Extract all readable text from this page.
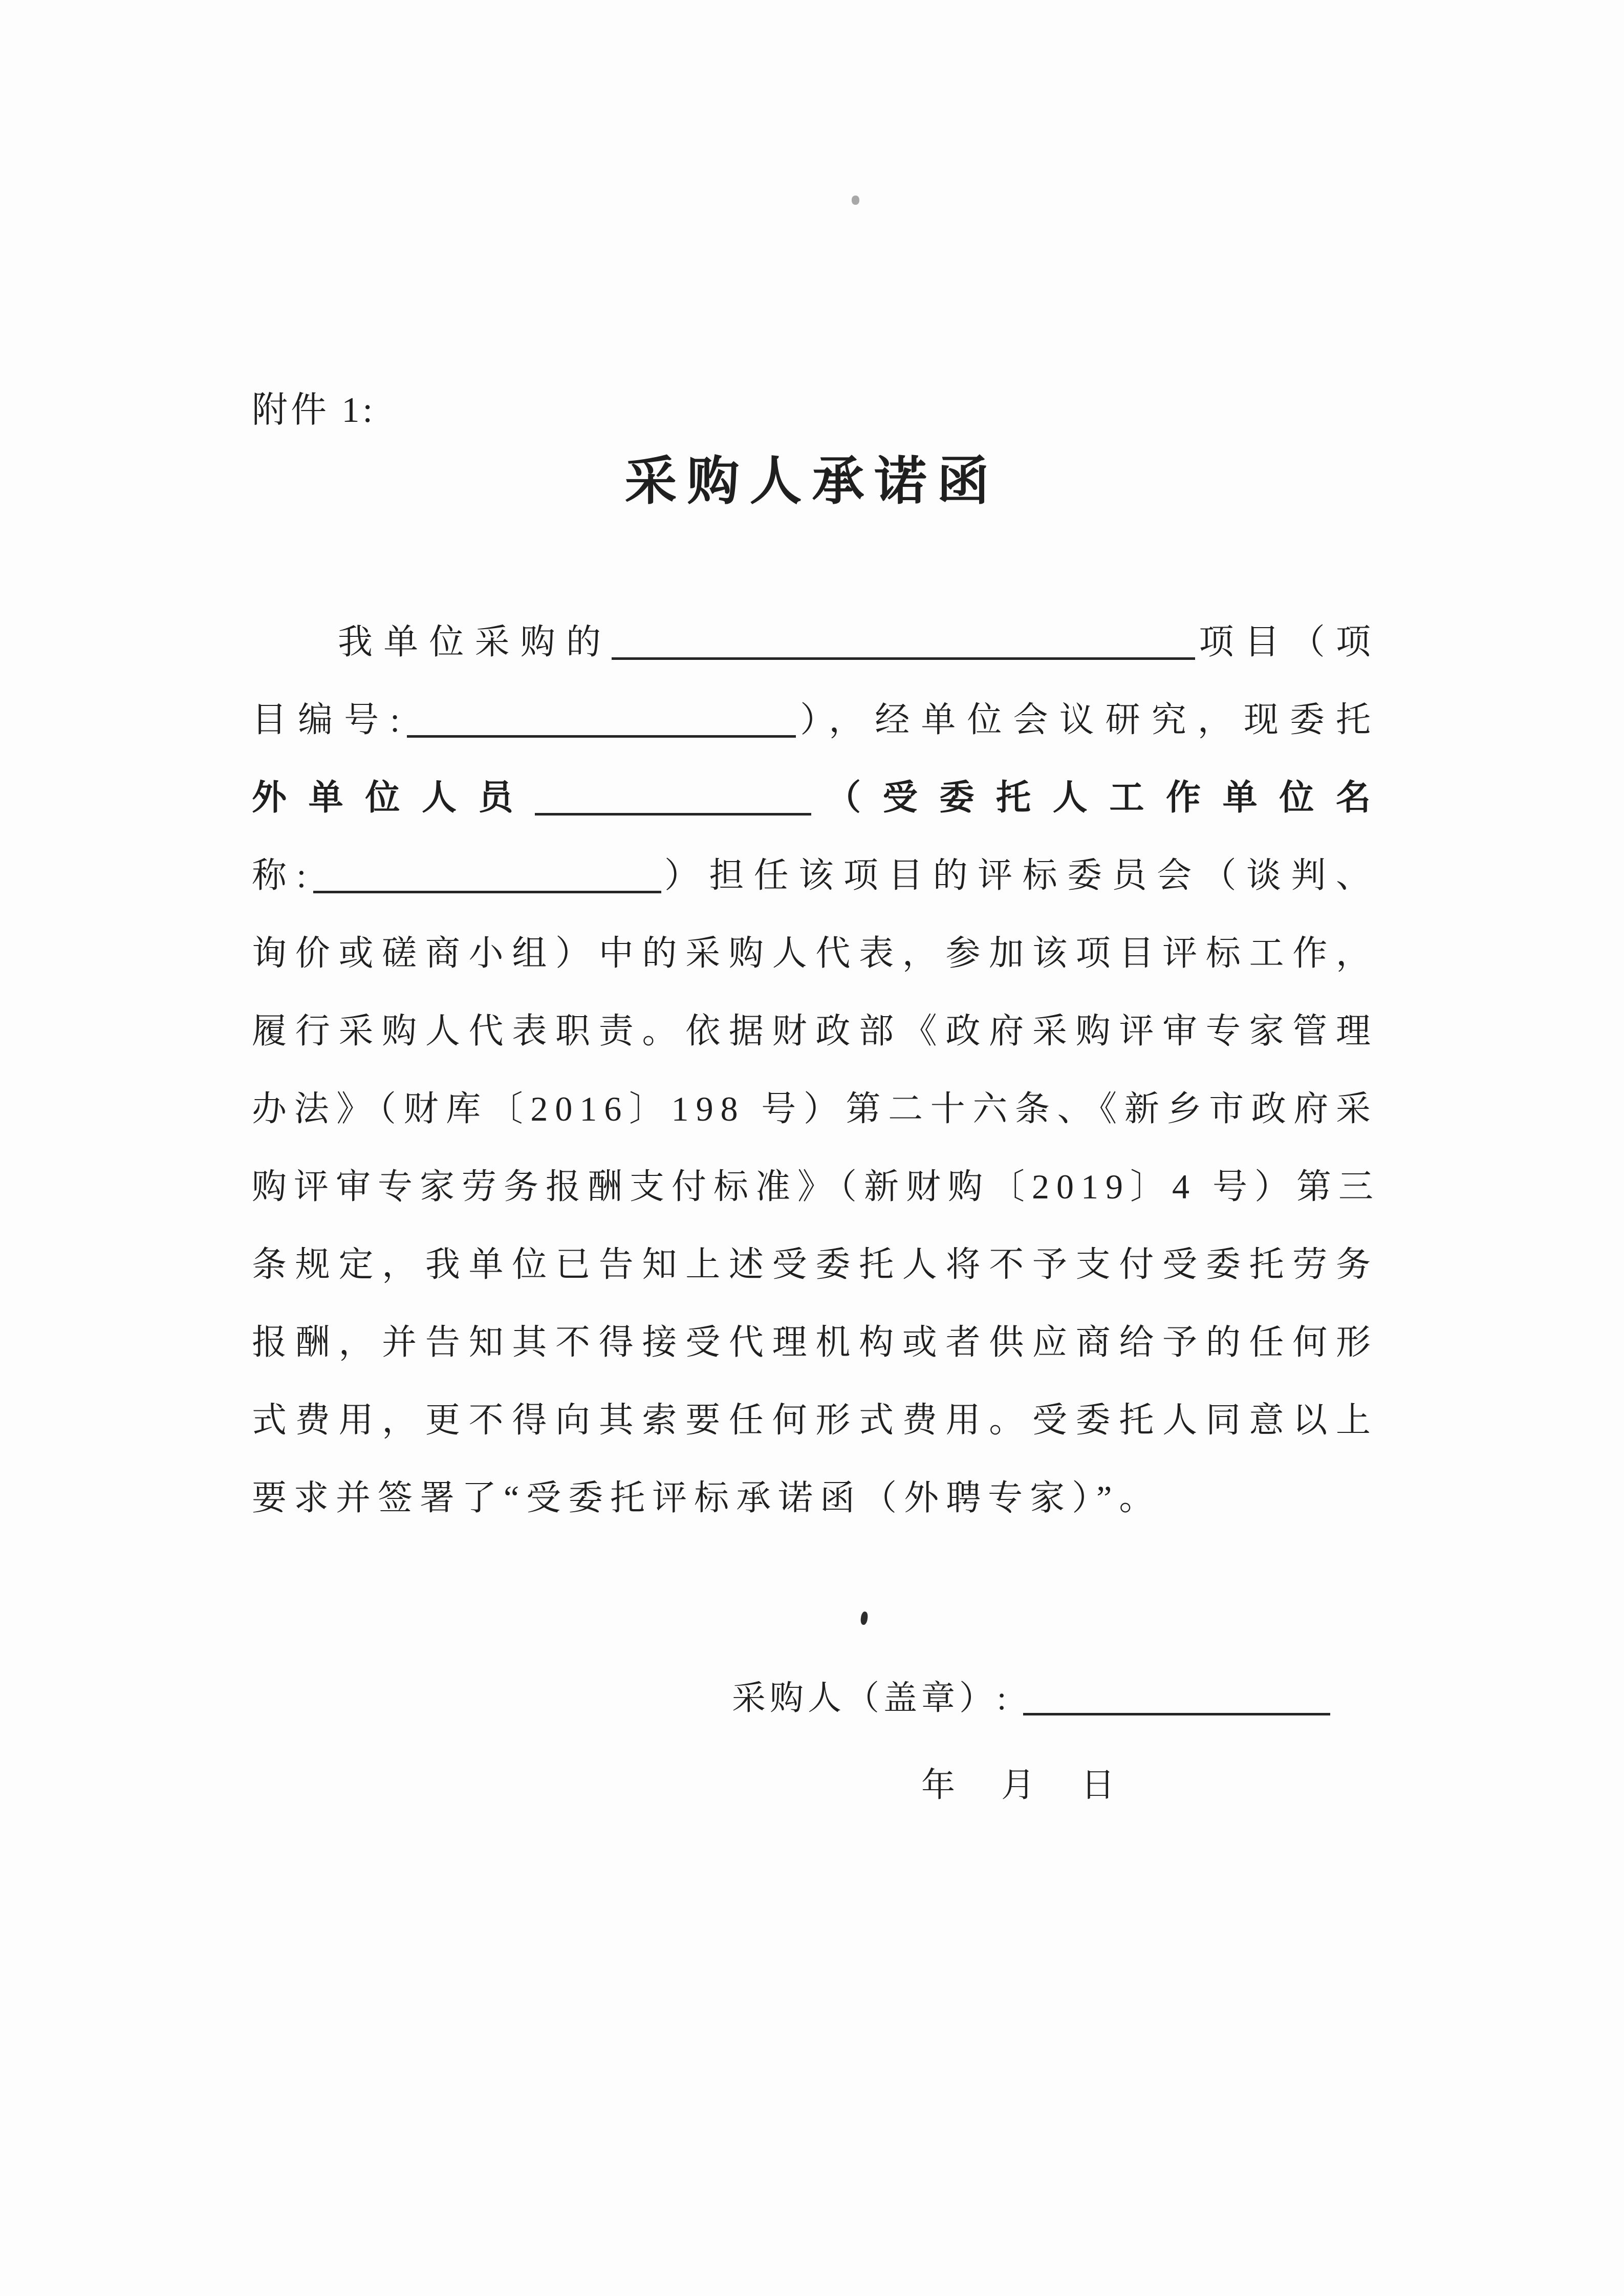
附件 1:
采购人承诺函
我单位采购的	项目（项
目编号:	），经单位会议研究，现委托
外单位人员	（受委托人工作单位名
称:	）担任该项目的评标委员会（谈判、
询价或磋商小组）中的采购人代表，参加该项目评标工作，
履行采购人代表职责。依据财政部《政府采购评审专家管理
办法》（财库〔2016〕198 号）第二十六条、《新乡市政府采
购评审专家劳务报酬支付标准》（新财购〔2019〕4 号）第三
条规定，我单位已告知上述受委托人将不予支付受委托劳务
报酬，并告知其不得接受代理机构或者供应商给予的任何形
式费用，更不得向其索要任何形式费用。受委托人同意以上
要求并签署了“受委托评标承诺函（外聘专家）”。
采购人（盖章）:
年　月　日
